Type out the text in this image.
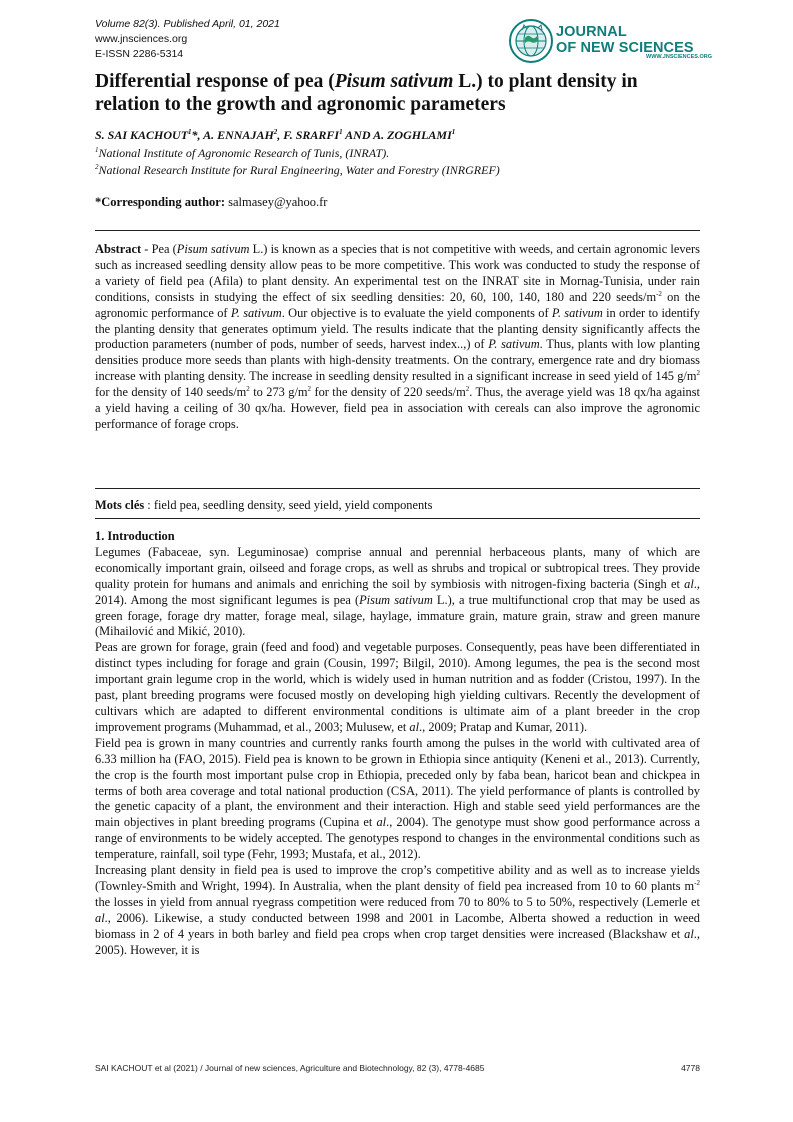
Volume 82(3). Published April, 01, 2021
www.jnsciences.org
E-ISSN 2286-5314
JOURNAL
OF NEW SCIENCES
WWW.JNSCIENCES.ORG
Differential response of pea (Pisum sativum L.) to plant density in relation to the growth and agronomic parameters
S. SAI KACHOUT$^1$*, A. ENNAJAH$^2$, F. SRARFI$^1$ AND A. ZOGHLAMI$^1$
$^1$National Institute of Agronomic Research of Tunis, (INRAT).
$^2$National Research Institute for Rural Engineering, Water and Forestry (INRGREF)
*Corresponding author: salmasey@yahoo.fr

Abstract - Pea (Pisum sativum L.) is known as a species that is not competitive with weeds, and certain agronomic levers such as increased seedling density allow peas to be more competitive. This work was conducted to study the response of a variety of field pea (Afila) to plant density. An experimental test on the INRAT site in Mornag-Tunisia, under rain conditions, consists in studying the effect of six seedling densities: 20, 60, 100, 140, 180 and 220 seeds/$m^{-2}$ on the agronomic performance of P. sativum. Our objective is to evaluate the yield components of P. sativum in order to identify the planting density that generates optimum yield. The results indicate that the planting density significantly affects the production parameters (number of pods, number of seeds, harvest index..,) of P. sativum. Thus, plants with low planting densities produce more seeds than plants with high-density treatments. On the contrary, emergence rate and dry biomass increase with planting density. The increase in seedling density resulted in a significant increase in seed yield of 145 $g/m^2$ for the density of 140 seeds/$m^2$ to 273 $g/m^2$ for the density of 220 seeds/$m^2$. Thus, the average yield was 18 qx/ha against a yield having a ceiling of 30 qx/ha. However, field pea in association with cereals can also improve the agronomic performance of forage crops.

Mots clés : field pea, seedling density, seed yield, yield components

1. Introduction

Legumes (Fabaceae, syn. Leguminosae) comprise annual and perennial herbaceous plants, many of which are economically important grain, oilseed and forage crops, as well as shrubs and tropical or subtropical trees. They provide quality protein for humans and animals and enriching the soil by symbiosis with nitrogen-fixing bacteria (Singh et al., 2014). Among the most significant legumes is pea (Pisum sativum L.), a true multifunctional crop that may be used as green forage, forage dry matter, forage meal, silage, haylage, immature grain, mature grain, straw and green manure (Mihailović and Mikić, 2010).

Peas are grown for forage, grain (feed and food) and vegetable purposes. Consequently, peas have been differentiated in distinct types including for forage and grain (Cousin, 1997; Bilgil, 2010). Among legumes, the pea is the second most important grain legume crop in the world, which is widely used in human nutrition and as fodder (Cristou, 1997). In the past, plant breeding programs were focused mostly on developing high yielding cultivars. Recently the development of cultivars which are adapted to different environmental conditions is ultimate aim of a plant breeder in the crop improvement programs (Muhammad, et al., 2003; Mulusew, et al., 2009; Pratap and Kumar, 2011).

Field pea is grown in many countries and currently ranks fourth among the pulses in the world with cultivated area of 6.33 million ha (FAO, 2015). Field pea is known to be grown in Ethiopia since antiquity (Keneni et al., 2013). Currently, the crop is the fourth most important pulse crop in Ethiopia, preceded only by faba bean, haricot bean and chickpea in terms of both area coverage and total national production (CSA, 2011). The yield performance of plants is controlled by the genetic capacity of a plant, the environment and their interaction. High and stable seed yield performances are the main objectives in plant breeding programs (Cupina et al., 2004). The genotype must show good performance across a range of environments to be widely accepted. The genotypes respond to changes in the environmental conditions such as temperature, rainfall, soil type (Fehr, 1993; Mustafa, et al., 2012).

Increasing plant density in field pea is used to improve the crop’s competitive ability and as well as to increase yields (Townley-Smith and Wright, 1994). In Australia, when the plant density of field pea increased from 10 to 60 plants $m^{-2}$ the losses in yield from annual ryegrass competition were reduced from 70 to 80% to 5 to 50%, respectively (Lemerle et al., 2006). Likewise, a study conducted between 1998 and 2001 in Lacombe, Alberta showed a reduction in weed biomass in 2 of 4 years in both barley and field pea crops when crop target densities were increased (Blackshaw et al., 2005). However, it is

SAI KACHOUT et al (2021) / Journal of new sciences, Agriculture and Biotechnology, 82 (3), 4778-4685	4778
